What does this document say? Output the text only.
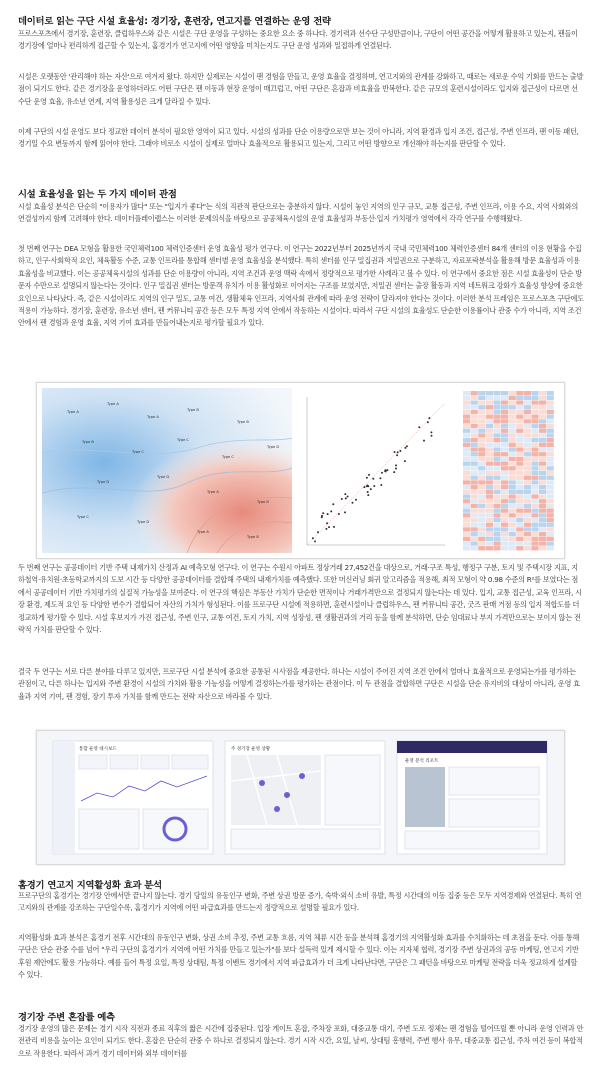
데이터로 읽는 구단 시설 효율성: 경기장, 훈련장, 연고지를 연결하는 운영 전략

프로스포츠에서 경기장, 훈련장, 클럽하우스와 같은 시설은 구단 운영을 구성하는 중요한 요소 중 하나다. 경기력과 선수단 구성만큼이나, 구단이 어떤 공간을 어떻게 활용하고 있는지, 팬들이 경기장에 얼마나 편리하게 접근할 수 있는지, 홈경기가 연고지에 어떤 영향을 미치는지도 구단 운영 성과와 밀접하게 연결된다.

시설은 오랫동안 '관리해야 하는 자산'으로 여겨져 왔다. 하지만 실제로는 시설이 팬 경험을 만들고, 운영 효율을 결정하며, 연고지와의 관계를 강화하고, 때로는 새로운 수익 기회를 만드는 출발점이 되기도 한다. 같은 경기장을 운영하더라도 어떤 구단은 팬 이동과 현장 운영이 매끄럽고, 어떤 구단은 혼잡과 비효율을 반복한다. 같은 규모의 훈련시설이라도 입지와 접근성이 다르면 선수단 운영 효율, 유소년 연계, 지역 활용성은 크게 달라질 수 있다.

이제 구단의 시설 운영도 보다 정교한 데이터 분석이 필요한 영역이 되고 있다. 시설의 성과를 단순 이용량으로만 보는 것이 아니라, 지역 환경과 입지 조건, 접근성, 주변 인프라, 팬 이동 패턴, 경기일 수요 변동까지 함께 읽어야 한다. 그래야 비로소 시설이 실제로 얼마나 효율적으로 활용되고 있는지, 그리고 어떤 방향으로 개선해야 하는지를 판단할 수 있다.

시설 효율성을 읽는 두 가지 데이터 관점

시설 효율성 분석은 단순히 "이용자가 많다" 또는 "입지가 좋다"는 식의 직관적 판단으로는 충분하지 않다. 시설이 놓인 지역의 인구 규모, 교통 접근성, 주변 인프라, 이용 수요, 지역 사회와의 연결성까지 함께 고려해야 한다. 데이터플레이랩스는 이러한 문제의식을 바탕으로 공공체육시설의 운영 효율성과 부동산·입지 가치평가 영역에서 각각 연구를 수행해왔다.

첫 번째 연구는 DEA 모형을 활용한 국민체력100 체력인증센터 운영 효율성 평가 연구다. 이 연구는 2022년부터 2025년까지 국내 국민체력100 체력인증센터 84개 센터의 이용 현황을 수집하고, 인구·사회학적 요인, 체육활동 수준, 교통 인프라를 통합해 센터별 운영 효율성을 분석했다. 특히 센터를 인구 밀집권과 저밀권으로 구분하고, 자료포락분석을 활용해 방문 효율성과 이용 효율성을 비교했다. 이는 공공체육시설의 성과를 단순 이용량이 아니라, 지역 조건과 운영 맥락 속에서 정량적으로 평가한 사례라고 볼 수 있다. 이 연구에서 중요한 점은 시설 효율성이 단순 방문자 수만으로 설명되지 않는다는 것이다. 인구 밀집권 센터는 방문객 유치가 이용 활성화로 이어지는 구조를 보였지만, 저밀권 센터는 출장 활동과 지역 네트워크 강화가 효율성 향상에 중요한 요인으로 나타났다. 즉, 같은 시설이라도 지역의 인구 밀도, 교통 여건, 생활체육 인프라, 지역사회 관계에 따라 운영 전략이 달라져야 한다는 것이다. 이러한 분석 프레임은 프로스포츠 구단에도 적용이 가능하다. 경기장, 훈련장, 유소년 센터, 팬 커뮤니티 공간 등은 모두 특정 지역 안에서 작동하는 시설이다. 따라서 구단 시설의 효율성도 단순한 이용률이나 관중 수가 아니라, 지역 조건 안에서 팬 경험과 운영 효율, 지역 기여 효과를 만들어내는지로 평가할 필요가 있다.

Type A
Type A
Type A
Type B
Type B
Type B
Type C
Type C
Type C
Type D
Type D
Type D
Type A
Type B
Type C
Type D
Type A
Type B

두 번째 연구는 공공데이터 기반 주택 내재가치 산정과 AI 예측모형 연구다. 이 연구는 수원시 아파트 정상거래 27,452건을 대상으로, 거래·구조 특성, 행정구 구분, 토지 및 주택시장 지표, 지하철역·유치원·초등학교까지의 도보 시간 등 다양한 공공데이터를 결합해 주택의 내재가치를 예측했다. 또한 머신러닝 회귀 알고리즘을 적용해, 최적 모형이 약 0.98 수준의 R²를 보였다는 점에서 공공데이터 기반 가치평가의 실질적 가능성을 보여준다. 이 연구의 핵심은 부동산 가치가 단순한 면적이나 거래가격만으로 결정되지 않는다는 데 있다. 입지, 교통 접근성, 교육 인프라, 시장 환경, 제도적 요인 등 다양한 변수가 결합되어 자산의 가치가 형성된다. 이를 프로구단 시설에 적용하면, 훈련시설이나 클럽하우스, 팬 커뮤니티 공간, 굿즈 판매 거점 등의 입지 적합도를 더 정교하게 평가할 수 있다. 시설 후보지가 가진 접근성, 주변 인구, 교통 여건, 토지 가치, 지역 성장성, 팬 생활권과의 거리 등을 함께 분석하면, 단순 임대료나 부지 가격만으로는 보이지 않는 전략적 가치를 판단할 수 있다.

결국 두 연구는 서로 다른 분야를 다루고 있지만, 프로구단 시설 분석에 중요한 공통된 시사점을 제공한다. 하나는 시설이 주어진 지역 조건 안에서 얼마나 효율적으로 운영되는가를 평가하는 관점이고, 다른 하나는 입지와 주변 환경이 시설의 가치와 활용 가능성을 어떻게 결정하는가를 평가하는 관점이다. 이 두 관점을 결합하면 구단은 시설을 단순 유지비의 대상이 아니라, 운영 효율과 지역 기여, 팬 경험, 장기 투자 가치를 함께 만드는 전략 자산으로 바라볼 수 있다.

통합 운영 대시보드	주 경기장 운영 상황
운영 분석 리포트
홈경기 연고지 지역활성화 효과 분석

프로구단의 홈경기는 경기장 안에서만 끝나지 않는다. 경기 당일의 유동인구 변화, 주변 상권 방문 증가, 숙박·외식 소비 유발, 특정 시간대의 이동 집중 등은 모두 지역경제와 연결된다. 특히 연고지와의 관계를 강조하는 구단일수록, 홈경기가 지역에 어떤 파급효과를 만드는지 정량적으로 설명할 필요가 있다.

지역활성화 효과 분석은 홈경기 전후 시간대의 유동인구 변화, 상권 소비 추정, 주변 교통 흐름, 지역 체류 시간 등을 분석해 홈경기의 지역활성화 효과를 수치화하는 데 초점을 둔다. 이를 통해 구단은 단순 관중 수를 넘어 "우리 구단의 홈경기가 지역에 어떤 가치를 만들고 있는가"를 보다 설득력 있게 제시할 수 있다. 이는 지자체 협력, 경기장 주변 상권과의 공동 마케팅, 연고지 기반 후원 제안에도 활용 가능하다. 예를 들어 특정 요일, 특정 상대팀, 특정 이벤트 경기에서 지역 파급효과가 더 크게 나타난다면, 구단은 그 패턴을 바탕으로 마케팅 전략을 더욱 정교하게 설계할 수 있다.

경기장 주변 혼잡률 예측

경기장 운영의 많은 문제는 경기 시작 직전과 종료 직후의 짧은 시간에 집중된다. 입장 게이트 혼잡, 주차장 포화, 대중교통 대기, 주변 도로 정체는 팬 경험을 떨어뜨릴 뿐 아니라 운영 인력과 안전관리 비용을 높이는 요인이 되기도 한다. 혼잡은 단순히 관중 수 하나로 결정되지 않는다. 경기 시작 시간, 요일, 날씨, 상대팀 흥행력, 주변 행사 유무, 대중교통 접근성, 주차 여건 등이 복합적으로 작용한다. 따라서 과거 경기 데이터와 외부 데이터를
